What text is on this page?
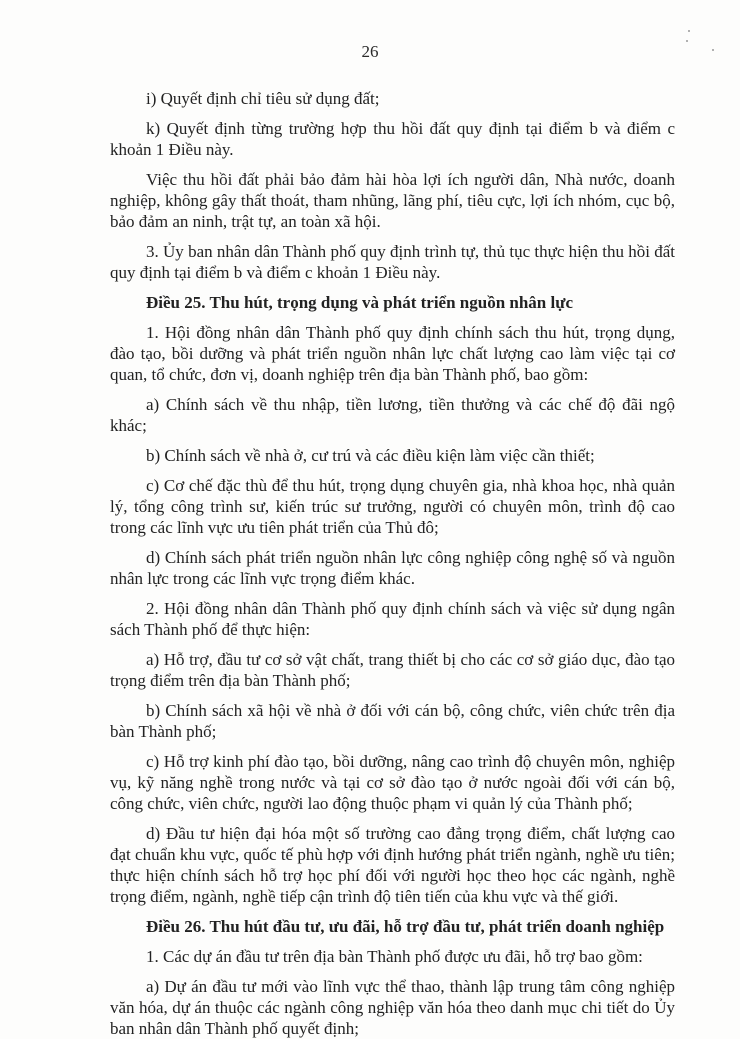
26

i) Quyết định chỉ tiêu sử dụng đất;

k) Quyết định từng trường hợp thu hồi đất quy định tại điểm b và điểm c khoản 1 Điều này.

Việc thu hồi đất phải bảo đảm hài hòa lợi ích người dân, Nhà nước, doanh nghiệp, không gây thất thoát, tham nhũng, lãng phí, tiêu cực, lợi ích nhóm, cục bộ, bảo đảm an ninh, trật tự, an toàn xã hội.

3. Ủy ban nhân dân Thành phố quy định trình tự, thủ tục thực hiện thu hồi đất quy định tại điểm b và điểm c khoản 1 Điều này.

Điều 25. Thu hút, trọng dụng và phát triển nguồn nhân lực

1. Hội đồng nhân dân Thành phố quy định chính sách thu hút, trọng dụng, đào tạo, bồi dưỡng và phát triển nguồn nhân lực chất lượng cao làm việc tại cơ quan, tổ chức, đơn vị, doanh nghiệp trên địa bàn Thành phố, bao gồm:

a) Chính sách về thu nhập, tiền lương, tiền thưởng và các chế độ đãi ngộ khác;

b) Chính sách về nhà ở, cư trú và các điều kiện làm việc cần thiết;

c) Cơ chế đặc thù để thu hút, trọng dụng chuyên gia, nhà khoa học, nhà quản lý, tổng công trình sư, kiến trúc sư trưởng, người có chuyên môn, trình độ cao trong các lĩnh vực ưu tiên phát triển của Thủ đô;

d) Chính sách phát triển nguồn nhân lực công nghiệp công nghệ số và nguồn nhân lực trong các lĩnh vực trọng điểm khác.

2. Hội đồng nhân dân Thành phố quy định chính sách và việc sử dụng ngân sách Thành phố để thực hiện:

a) Hỗ trợ, đầu tư cơ sở vật chất, trang thiết bị cho các cơ sở giáo dục, đào tạo trọng điểm trên địa bàn Thành phố;

b) Chính sách xã hội về nhà ở đối với cán bộ, công chức, viên chức trên địa bàn Thành phố;

c) Hỗ trợ kinh phí đào tạo, bồi dưỡng, nâng cao trình độ chuyên môn, nghiệp vụ, kỹ năng nghề trong nước và tại cơ sở đào tạo ở nước ngoài đối với cán bộ, công chức, viên chức, người lao động thuộc phạm vi quản lý của Thành phố;

d) Đầu tư hiện đại hóa một số trường cao đẳng trọng điểm, chất lượng cao đạt chuẩn khu vực, quốc tế phù hợp với định hướng phát triển ngành, nghề ưu tiên; thực hiện chính sách hỗ trợ học phí đối với người học theo học các ngành, nghề trọng điểm, ngành, nghề tiếp cận trình độ tiên tiến của khu vực và thế giới.

Điều 26. Thu hút đầu tư, ưu đãi, hỗ trợ đầu tư, phát triển doanh nghiệp

1. Các dự án đầu tư trên địa bàn Thành phố được ưu đãi, hỗ trợ bao gồm:

a) Dự án đầu tư mới vào lĩnh vực thể thao, thành lập trung tâm công nghiệp văn hóa, dự án thuộc các ngành công nghiệp văn hóa theo danh mục chi tiết do Ủy ban nhân dân Thành phố quyết định;
